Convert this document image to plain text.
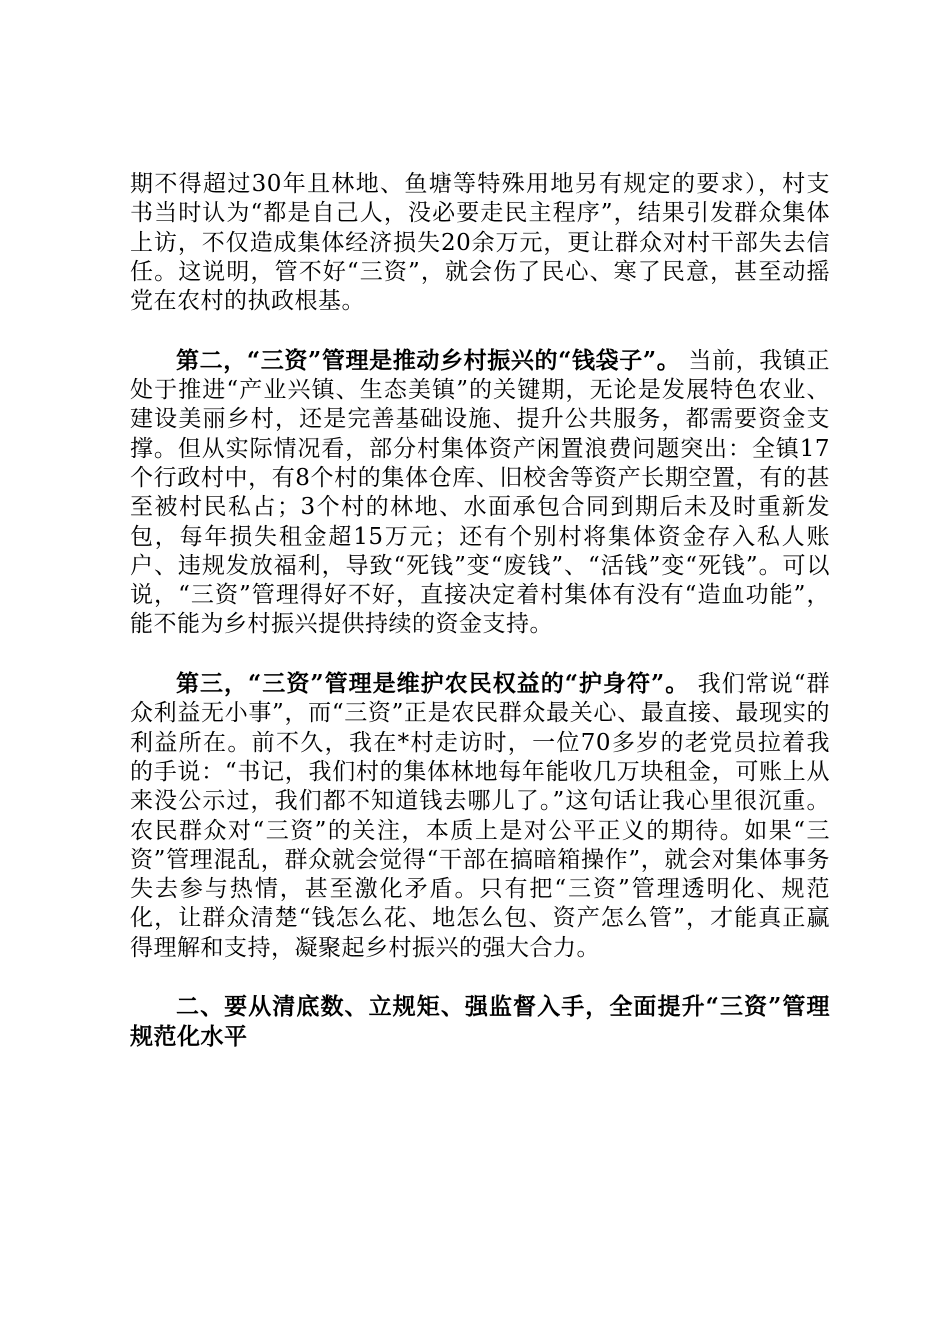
期不得超过30年且林地、鱼塘等特殊用地另有规定的要求），村支书当时认为“都是自己人，没必要走民主程序”，结果引发群众集体上访，不仅造成集体经济损失20余万元，更让群众对村干部失去信任。这说明，管不好“三资”，就会伤了民心、寒了民意，甚至动摇党在农村的执政根基。

第二，“三资”管理是推动乡村振兴的“钱袋子”。 当前，我镇正处于推进“产业兴镇、生态美镇”的关键期，无论是发展特色农业、建设美丽乡村，还是完善基础设施、提升公共服务，都需要资金支撑。但从实际情况看，部分村集体资产闲置浪费问题突出：全镇17个行政村中，有8个村的集体仓库、旧校舍等资产长期空置，有的甚至被村民私占；3个村的林地、水面承包合同到期后未及时重新发包，每年损失租金超15万元；还有个别村将集体资金存入私人账户、违规发放福利，导致“死钱”变“废钱”、“活钱”变“死钱”。可以说，“三资”管理得好不好，直接决定着村集体有没有“造血功能”，能不能为乡村振兴提供持续的资金支持。

第三，“三资”管理是维护农民权益的“护身符”。 我们常说“群众利益无小事”，而“三资”正是农民群众最关心、最直接、最现实的利益所在。前不久，我在*村走访时，一位70多岁的老党员拉着我的手说：“书记，我们村的集体林地每年能收几万块租金，可账上从来没公示过，我们都不知道钱去哪儿了。”这句话让我心里很沉重。农民群众对“三资”的关注，本质上是对公平正义的期待。如果“三资”管理混乱，群众就会觉得“干部在搞暗箱操作”，就会对集体事务失去参与热情，甚至激化矛盾。只有把“三资”管理透明化、规范化，让群众清楚“钱怎么花、地怎么包、资产怎么管”，才能真正赢得理解和支持，凝聚起乡村振兴的强大合力。

二、要从清底数、立规矩、强监督入手，全面提升“三资”管理规范化水平
